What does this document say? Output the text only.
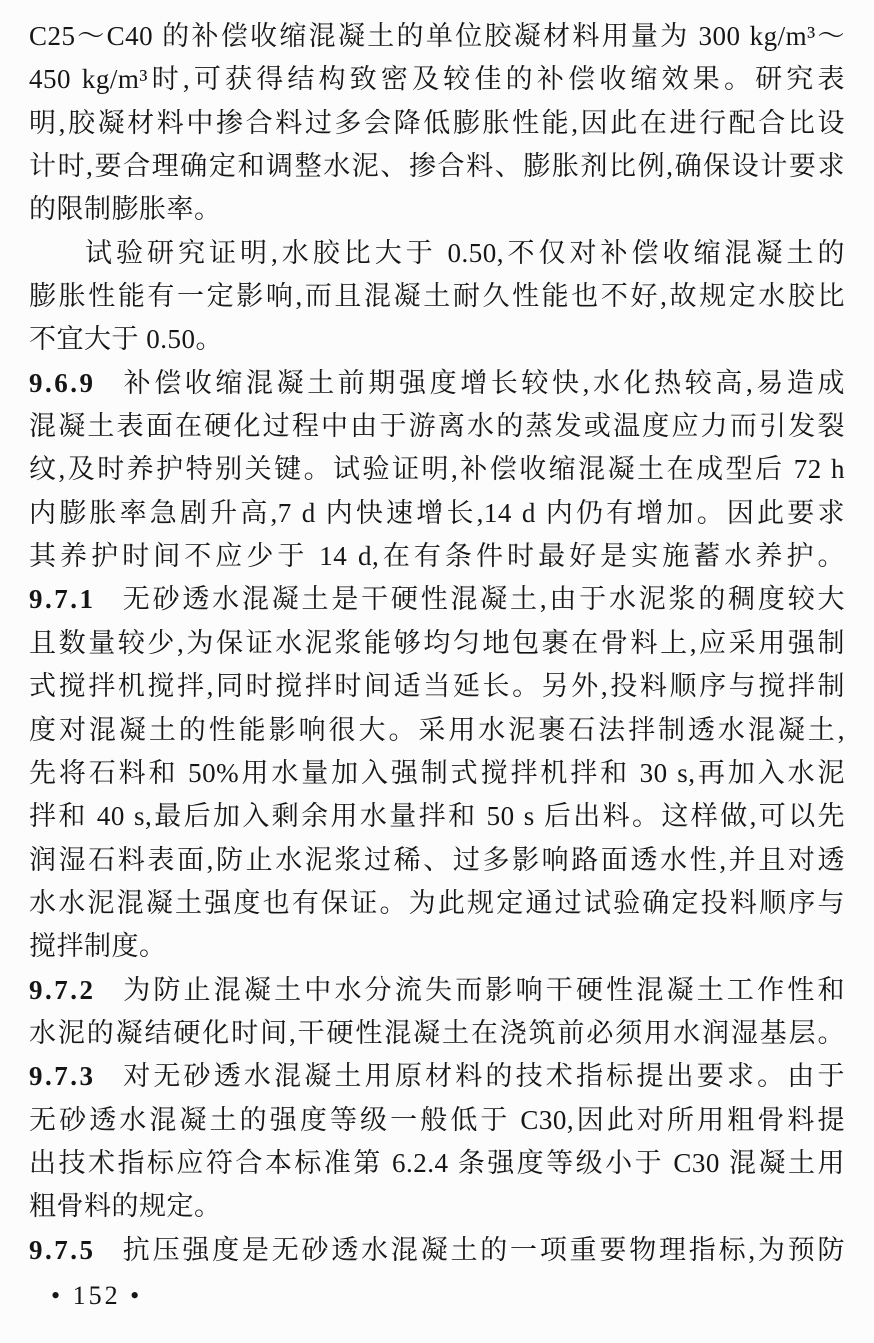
C25～C40 的补偿收缩混凝土的单位胶凝材料用量为 300 kg/m³～
450 kg/m³时,可获得结构致密及较佳的补偿收缩效果。研究表
明,胶凝材料中掺合料过多会降低膨胀性能,因此在进行配合比设
计时,要合理确定和调整水泥、掺合料、膨胀剂比例,确保设计要求
的限制膨胀率。
试验研究证明,水胶比大于 0.50,不仅对补偿收缩混凝土的
膨胀性能有一定影响,而且混凝土耐久性能也不好,故规定水胶比
不宜大于 0.50。
9.6.9 补偿收缩混凝土前期强度增长较快,水化热较高,易造成
混凝土表面在硬化过程中由于游离水的蒸发或温度应力而引发裂
纹,及时养护特别关键。试验证明,补偿收缩混凝土在成型后 72 h
内膨胀率急剧升高,7 d 内快速增长,14 d 内仍有增加。因此要求
其养护时间不应少于 14 d,在有条件时最好是实施蓄水养护。
9.7.1 无砂透水混凝土是干硬性混凝土,由于水泥浆的稠度较大
且数量较少,为保证水泥浆能够均匀地包裹在骨料上,应采用强制
式搅拌机搅拌,同时搅拌时间适当延长。另外,投料顺序与搅拌制
度对混凝土的性能影响很大。采用水泥裹石法拌制透水混凝土,
先将石料和 50%用水量加入强制式搅拌机拌和 30 s,再加入水泥
拌和 40 s,最后加入剩余用水量拌和 50 s 后出料。这样做,可以先
润湿石料表面,防止水泥浆过稀、过多影响路面透水性,并且对透
水水泥混凝土强度也有保证。为此规定通过试验确定投料顺序与
搅拌制度。
9.7.2 为防止混凝土中水分流失而影响干硬性混凝土工作性和
水泥的凝结硬化时间,干硬性混凝土在浇筑前必须用水润湿基层。
9.7.3 对无砂透水混凝土用原材料的技术指标提出要求。由于
无砂透水混凝土的强度等级一般低于 C30,因此对所用粗骨料提
出技术指标应符合本标准第 6.2.4 条强度等级小于 C30 混凝土用
粗骨料的规定。
9.7.5 抗压强度是无砂透水混凝土的一项重要物理指标,为预防
• 152 •
